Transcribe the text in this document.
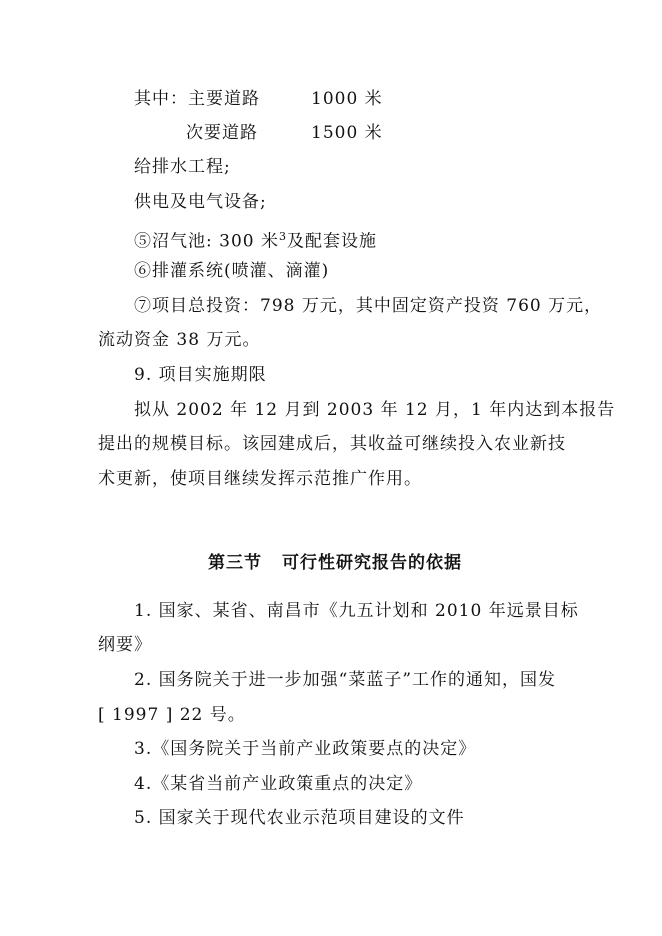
其中：主要道路	1000 米
次要道路	1500 米
给排水工程;
供电及电气设备;
⑤沼气池: 300 米$^3$及配套设施
⑥排灌系统(喷灌、滴灌)
⑦项目总投资：798 万元，其中固定资产投资 760 万元，
流动资金 38 万元。
9. 项目实施期限
拟从 2002 年 12 月到 2003 年 12 月，1 年内达到本报告
提出的规模目标。该园建成后，其收益可继续投入农业新技
术更新，使项目继续发挥示范推广作用。
第三节 可行性研究报告的依据
1. 国家、某省、南昌市《九五计划和 2010 年远景目标
纲要》
2. 国务院关于进一步加强“菜蓝子”工作的通知，国发
[ 1997 ] 22 号。
3.《国务院关于当前产业政策要点的决定》
4.《某省当前产业政策重点的决定》
5. 国家关于现代农业示范项目建设的文件
